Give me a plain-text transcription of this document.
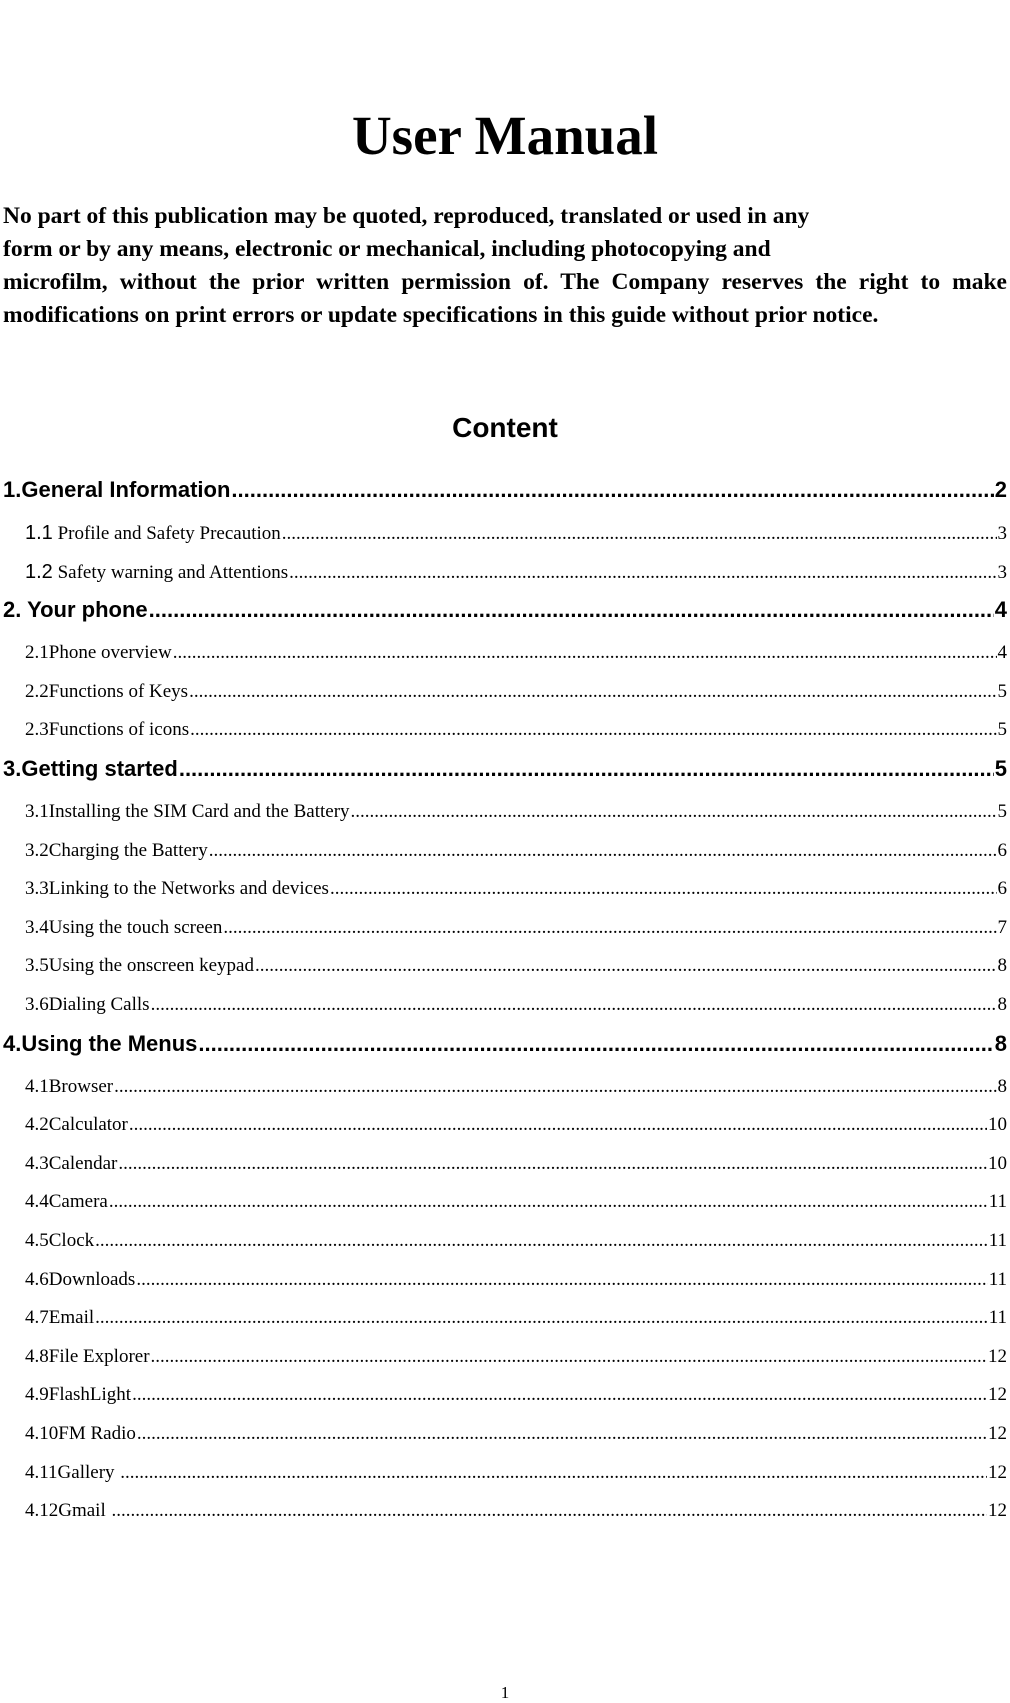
User Manual
No part of this publication may be quoted, reproduced, translated or used in any
form or by any means, electronic or mechanical, including photocopying and
microfilm, without the prior written permission of. The Company reserves the right to make
modifications on print errors or update specifications in this guide without prior notice.
Content
1.General Information .....	2
1.1 Profile and Safety Precaution .....	3
1.2 Safety warning and Attentions .....	3
2. Your phone .....	4
2.1Phone overview .....	4
2.2Functions of Keys .....	5
2.3Functions of icons .....	5
3.Getting started .....	5
3.1Installing the SIM Card and the Battery .....	5
3.2Charging the Battery .....	6
3.3Linking to the Networks and devices .....	6
3.4Using the touch screen .....	7
3.5Using the onscreen keypad .....	8
3.6Dialing Calls .....	8
4.Using the Menus .....	8
4.1Browser .....	8
4.2Calculator .....	10
4.3Calendar .....	10
4.4Camera .....	11
4.5Clock .....	11
4.6Downloads .....	11
4.7Email .....	11
4.8File Explorer .....	12
4.9FlashLight .....	12
4.10FM Radio .....	12
4.11Gallery .....	12
4.12Gmail .....	12
1
